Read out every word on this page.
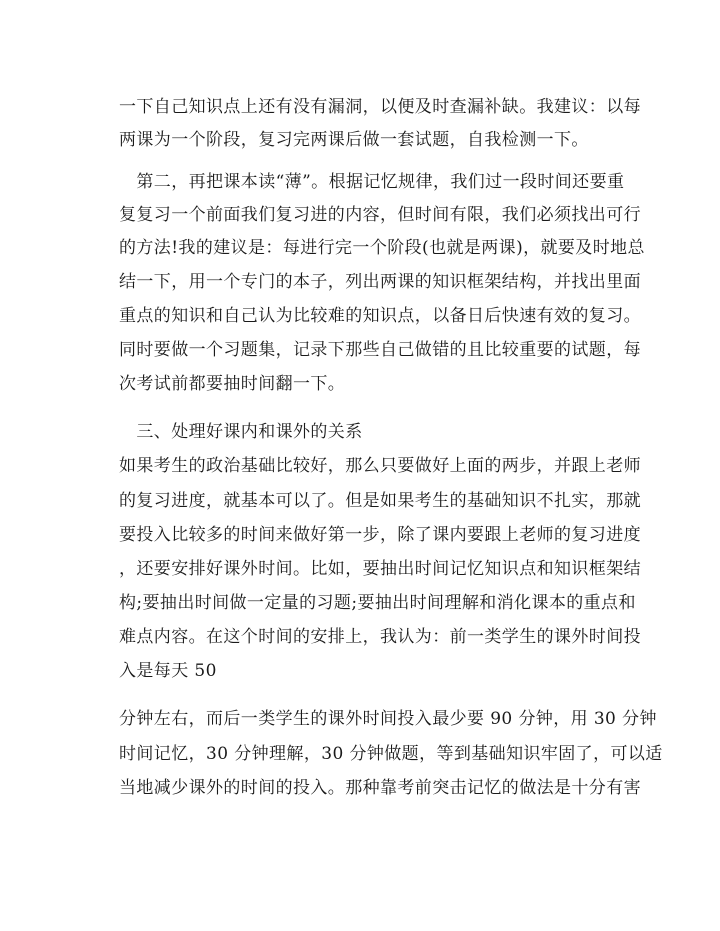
一下自己知识点上还有没有漏洞，以便及时查漏补缺。我建议：以每
两课为一个阶段，复习完两课后做一套试题，自我检测一下。
　第二，再把课本读“薄”。根据记忆规律，我们过一段时间还要重
复复习一个前面我们复习进的内容，但时间有限，我们必须找出可行
的方法!我的建议是：每进行完一个阶段(也就是两课)，就要及时地总
结一下，用一个专门的本子，列出两课的知识框架结构，并找出里面
重点的知识和自己认为比较难的知识点，以备日后快速有效的复习。
同时要做一个习题集，记录下那些自己做错的且比较重要的试题，每
次考试前都要抽时间翻一下。
　三、处理好课内和课外的关系
如果考生的政治基础比较好，那么只要做好上面的两步，并跟上老师
的复习进度，就基本可以了。但是如果考生的基础知识不扎实，那就
要投入比较多的时间来做好第一步，除了课内要跟上老师的复习进度
，还要安排好课外时间。比如，要抽出时间记忆知识点和知识框架结
构;要抽出时间做一定量的习题;要抽出时间理解和消化课本的重点和
难点内容。在这个时间的安排上，我认为：前一类学生的课外时间投
入是每天 50
分钟左右，而后一类学生的课外时间投入最少要 90 分钟，用 30 分钟
时间记忆，30 分钟理解，30 分钟做题，等到基础知识牢固了，可以适
当地减少课外的时间的投入。那种靠考前突击记忆的做法是十分有害
